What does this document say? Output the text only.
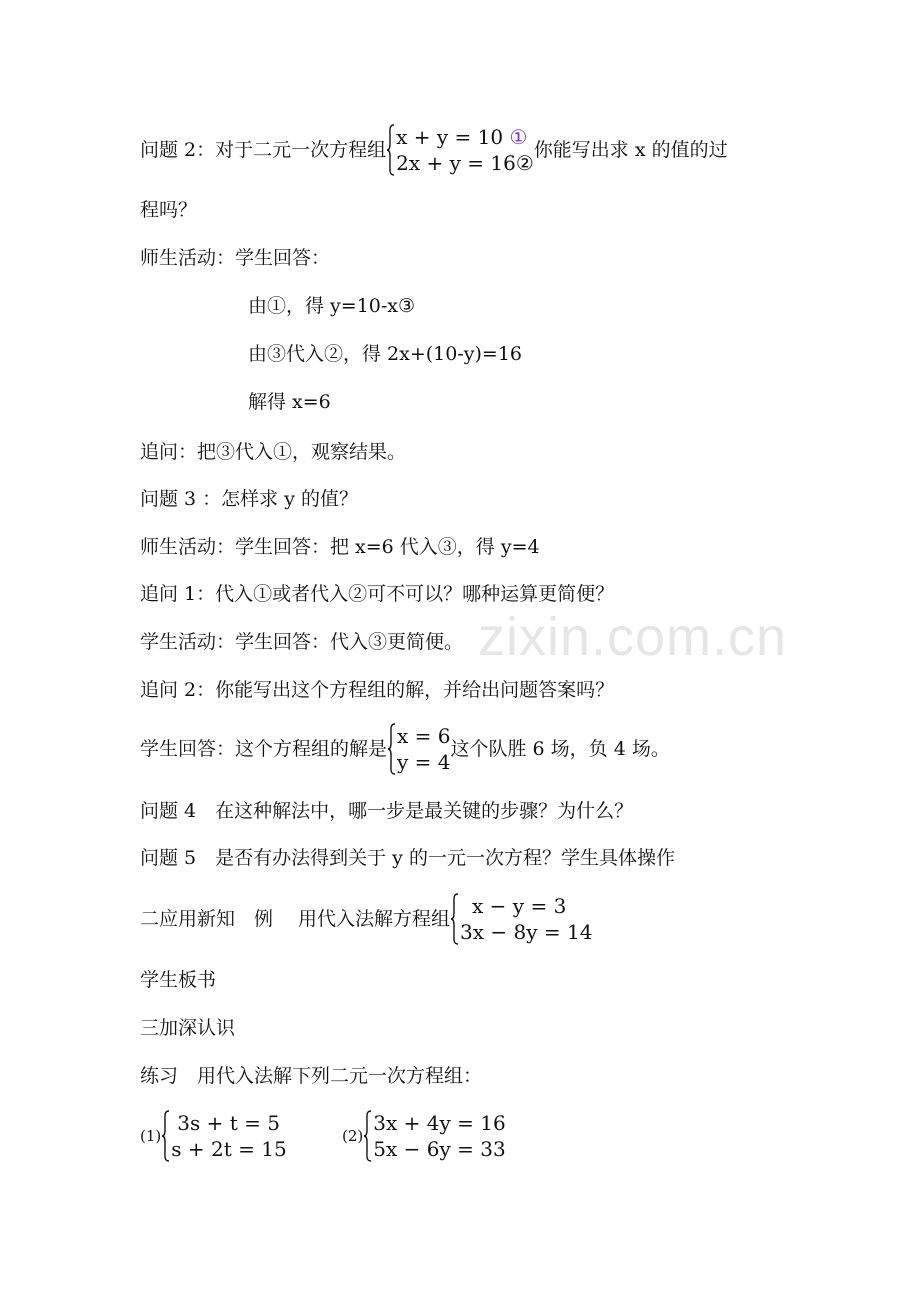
zixin.com.cn
问题 2：对于二元一次方程组
x + y = 10 ①
2x + y = 16②
你能写出求 x 的值的过
程吗？
师生活动：学生回答：
由①，得 y=10-x③
由③代入②，得 2x+(10-y)=16
解得 x=6
追问：把③代入①，观察结果。
问题 3 ：怎样求 y 的值？
师生活动：学生回答：把 x=6 代入③，得 y=4
追问 1：代入①或者代入②可不可以？哪种运算更简便？
学生活动：学生回答：代入③更简便。
追问 2：你能写出这个方程组的解，并给出问题答案吗？
学生回答：这个方程组的解是
x = 6
y = 4
这个队胜 6 场，负 4 场。
问题 4　在这种解法中，哪一步是最关键的步骤？为什么？
问题 5　是否有办法得到关于 y 的一元一次方程？学生具体操作
二应用新知　例　 用代入法解方程组
x − y = 3
3x − 8y = 14
学生板书
三加深认识
练习　用代入法解下列二元一次方程组：
(1)
3s + t = 5
s + 2t = 15
(2)
3x + 4y = 16
5x − 6y = 33
